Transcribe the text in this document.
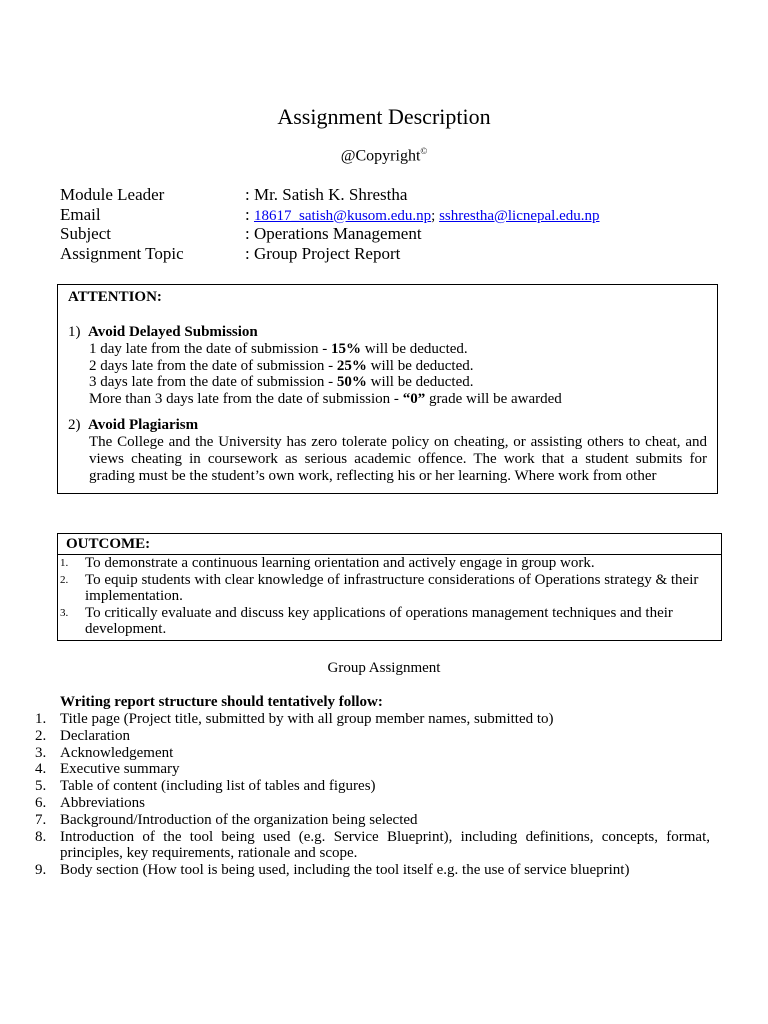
Assignment Description
@Copyright©
Module Leader	: Mr. Satish K. Shrestha
Email	: 18617_satish@kusom.edu.np; sshrestha@licnepal.edu.np
Subject	: Operations Management
Assignment Topic	: Group Project Report
ATTENTION:
1) Avoid Delayed Submission
1 day late from the date of submission - 15% will be deducted.
2 days late from the date of submission - 25% will be deducted.
3 days late from the date of submission - 50% will be deducted.
More than 3 days late from the date of submission - “0” grade will be awarded
2) Avoid Plagiarism
The College and the University has zero tolerate policy on cheating, or assisting others to cheat, and views cheating in coursework as serious academic offence. The work that a student submits for grading must be the student’s own work, reflecting his or her learning. Where work from other
OUTCOME:
1.	To demonstrate a continuous learning orientation and actively engage in group work.
2.	To equip students with clear knowledge of infrastructure considerations of Operations strategy & their implementation.
3.	To critically evaluate and discuss key applications of operations management techniques and their development.
Group Assignment
Writing report structure should tentatively follow:
1. Title page (Project title, submitted by with all group member names, submitted to)
2. Declaration
3. Acknowledgement
4. Executive summary
5. Table of content (including list of tables and figures)
6. Abbreviations
7. Background/Introduction of the organization being selected
8. Introduction of the tool being used (e.g. Service Blueprint), including definitions, concepts, format, principles, key requirements, rationale and scope.
9. Body section (How tool is being used, including the tool itself e.g. the use of service blueprint)
